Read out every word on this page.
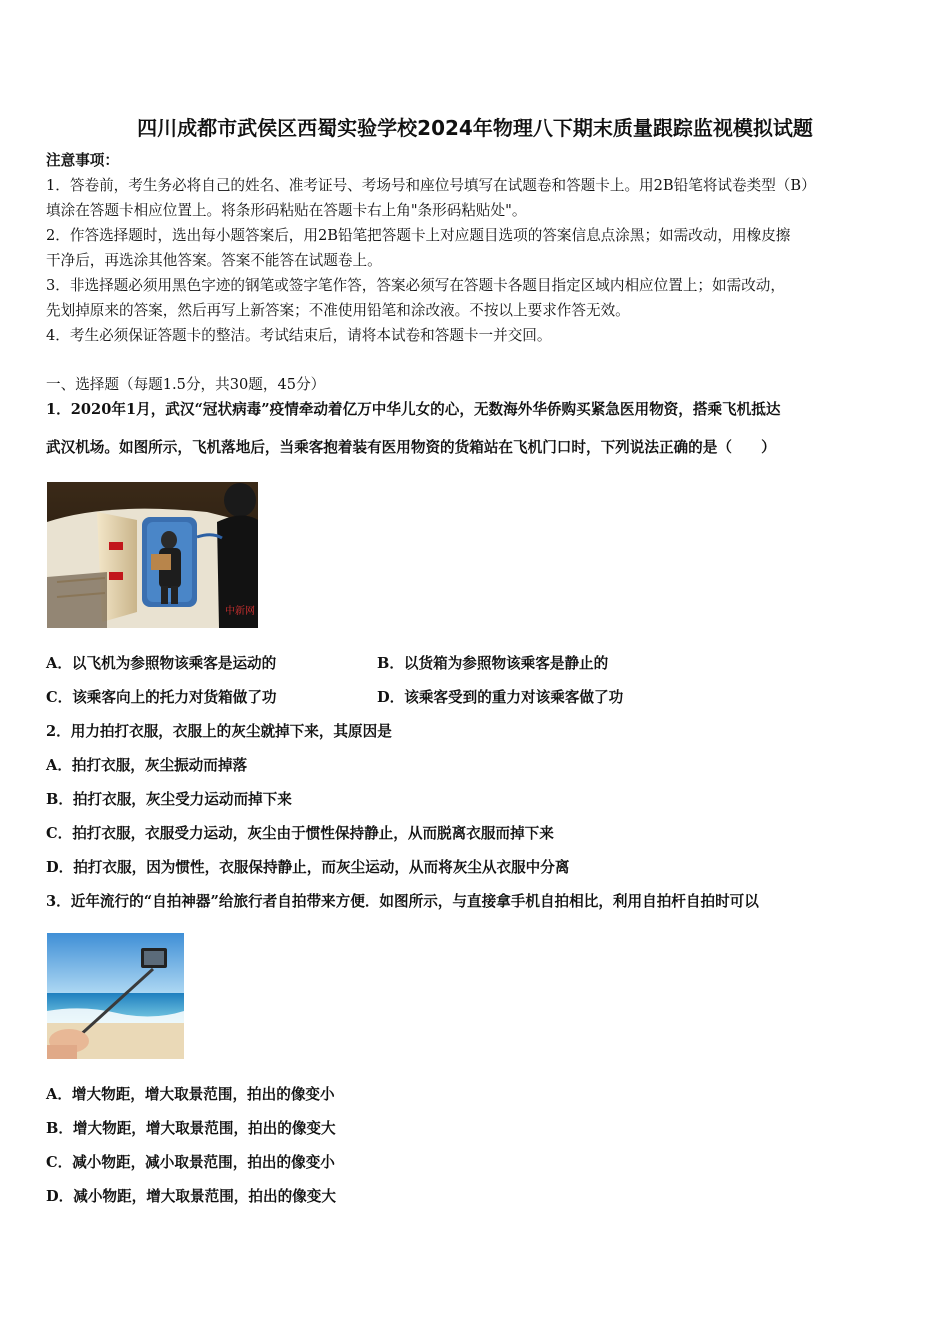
四川成都市武侯区西蜀实验学校2024年物理八下期末质量跟踪监视模拟试题
注意事项：
1．答卷前，考生务必将自己的姓名、准考证号、考场号和座位号填写在试题卷和答题卡上。用2B铅笔将试卷类型（B）
填涂在答题卡相应位置上。将条形码粘贴在答题卡右上角"条形码粘贴处"。
2．作答选择题时，选出每小题答案后，用2B铅笔把答题卡上对应题目选项的答案信息点涂黑；如需改动，用橡皮擦
干净后，再选涂其他答案。答案不能答在试题卷上。
3．非选择题必须用黑色字迹的钢笔或签字笔作答，答案必须写在答题卡各题目指定区域内相应位置上；如需改动，
先划掉原来的答案，然后再写上新答案；不准使用铅笔和涂改液。不按以上要求作答无效。
4．考生必须保证答题卡的整洁。考试结束后，请将本试卷和答题卡一并交回。
一、选择题（每题1.5分，共30题，45分）
1．2020年1月，武汉“冠状病毒”疫情牵动着亿万中华儿女的心，无数海外华侨购买紧急医用物资，搭乘飞机抵达
武汉机场。如图所示，飞机落地后，当乘客抱着装有医用物资的货箱站在飞机门口时，下列说法正确的是（　　）
中新网
A．以飞机为参照物该乘客是运动的	B．以货箱为参照物该乘客是静止的
C．该乘客向上的托力对货箱做了功	D．该乘客受到的重力对该乘客做了功
2．用力拍打衣服，衣服上的灰尘就掉下来，其原因是
A．拍打衣服，灰尘振动而掉落
B．拍打衣服，灰尘受力运动而掉下来
C．拍打衣服，衣服受力运动，灰尘由于惯性保持静止，从而脱离衣服而掉下来
D．拍打衣服，因为惯性，衣服保持静止，而灰尘运动，从而将灰尘从衣服中分离
3．近年流行的“自拍神器”给旅行者自拍带来方便．如图所示，与直接拿手机自拍相比，利用自拍杆自拍时可以
A．增大物距，增大取景范围，拍出的像变小
B．增大物距，增大取景范围，拍出的像变大
C．减小物距，减小取景范围，拍出的像变小
D．减小物距，增大取景范围，拍出的像变大
